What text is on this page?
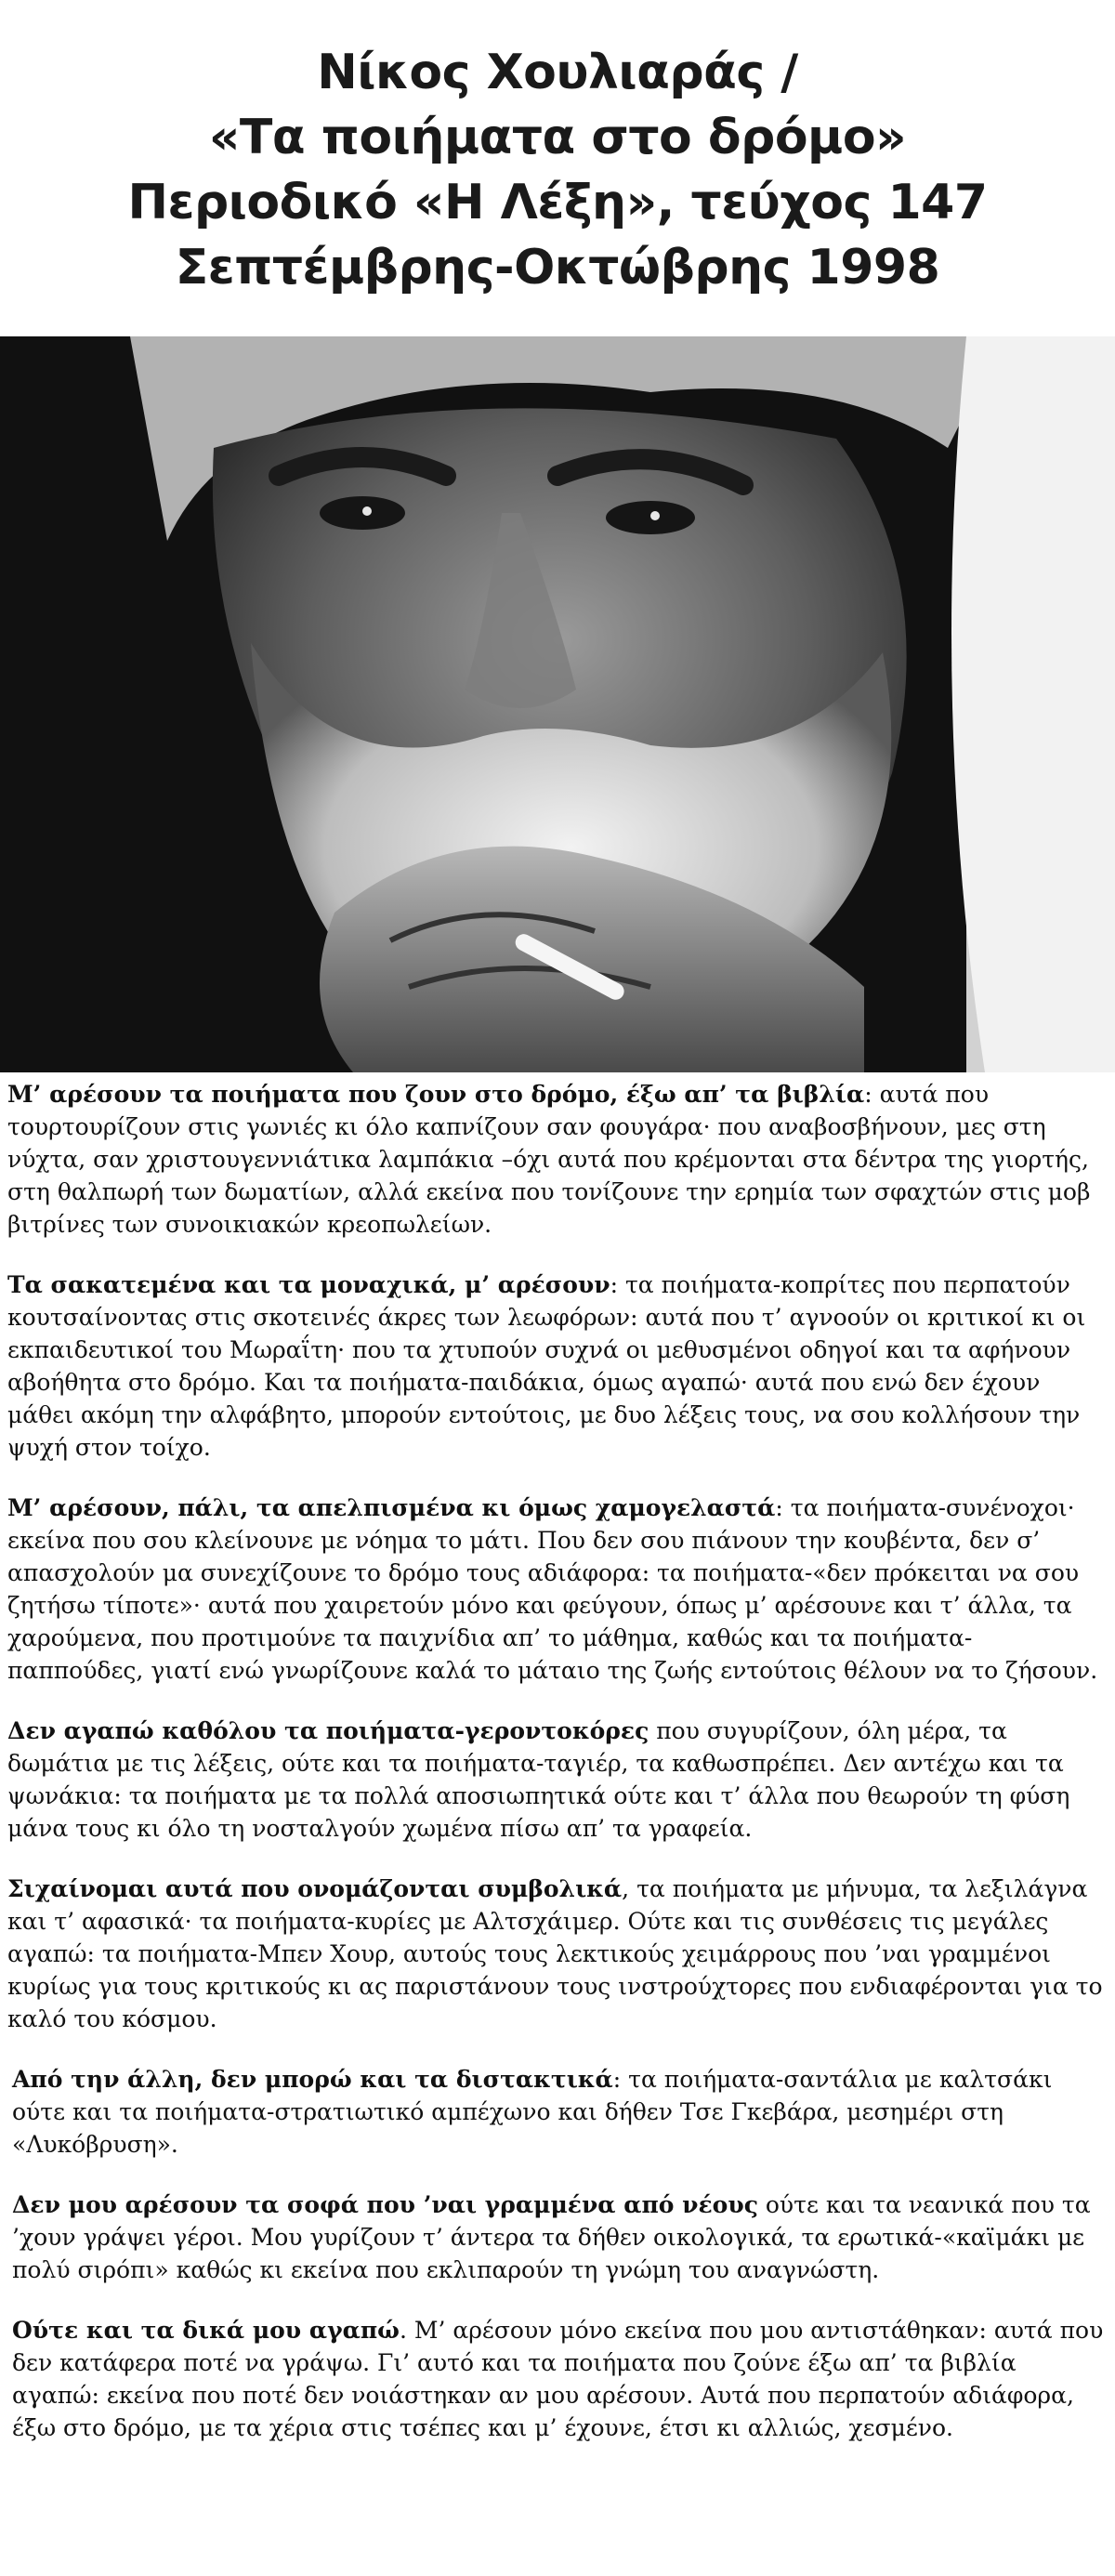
Νίκος Χουλιαράς /
«Τα ποιήματα στο δρόμο»
Περιοδικό «Η Λέξη», τεύχος 147
Σεπτέμβρης-Οκτώβρης 1998

Μ’ αρέσουν τα ποιήματα που ζουν στο δρόμο, έξω απ’ τα βιβλία: αυτά που τουρτουρίζουν στις γωνιές κι όλο καπνίζουν σαν φουγάρα· που αναβοσβήνουν, μες στη νύχτα, σαν χριστουγεννιάτικα λαμπάκια –όχι αυτά που κρέμονται στα δέντρα της γιορτής, στη θαλπωρή των δωματίων, αλλά εκείνα που τονίζουνε την ερημία των σφαχτών στις μοβ βιτρίνες των συνοικιακών κρεοπωλείων.

Τα σακατεμένα και τα μοναχικά, μ’ αρέσουν: τα ποιήματα-κοπρίτες που περπατούν κουτσαίνοντας στις σκοτεινές άκρες των λεωφόρων: αυτά που τ’ αγνοούν οι κριτικοί κι οι εκπαιδευτικοί του Μωραΐτη· που τα χτυπούν συχνά οι μεθυσμένοι οδηγοί και τα αφήνουν αβοήθητα στο δρόμο. Και τα ποιήματα-παιδάκια, όμως αγαπώ· αυτά που ενώ δεν έχουν μάθει ακόμη την αλφάβητο, μπορούν εντούτοις, με δυο λέξεις τους, να σου κολλήσουν την ψυχή στον τοίχο.

Μ’ αρέσουν, πάλι, τα απελπισμένα κι όμως χαμογελαστά: τα ποιήματα-συνένοχοι· εκείνα που σου κλείνουνε με νόημα το μάτι. Που δεν σου πιάνουν την κουβέντα, δεν σ’ απασχολούν μα συνεχίζουνε το δρόμο τους αδιάφορα: τα ποιήματα-«δεν πρόκειται να σου ζητήσω τίποτε»· αυτά που χαιρετούν μόνο και φεύγουν, όπως μ’ αρέσουνε και τ’ άλλα, τα χαρούμενα, που προτιμούνε τα παιχνίδια απ’ το μάθημα, καθώς και τα ποιήματα-παππούδες, γιατί ενώ γνωρίζουνε καλά το μάταιο της ζωής εντούτοις θέλουν να το ζήσουν.

Δεν αγαπώ καθόλου τα ποιήματα-γεροντοκόρες που συγυρίζουν, όλη μέρα, τα δωμάτια με τις λέξεις, ούτε και τα ποιήματα-ταγιέρ, τα καθωσπρέπει. Δεν αντέχω και τα ψωνάκια: τα ποιήματα με τα πολλά αποσιωπητικά ούτε και τ’ άλλα που θεωρούν τη φύση μάνα τους κι όλο τη νοσταλγούν χωμένα πίσω απ’ τα γραφεία.

Σιχαίνομαι αυτά που ονομάζονται συμβολικά, τα ποιήματα με μήνυμα, τα λεξιλάγνα και τ’ αφασικά· τα ποιήματα-κυρίες με Αλτσχάιμερ. Ούτε και τις συνθέσεις τις μεγάλες αγαπώ: τα ποιήματα-Μπεν Χουρ, αυτούς τους λεκτικούς χειμάρρους που ’ναι γραμμένοι κυρίως για τους κριτικούς κι ας παριστάνουν τους ινστρούχτορες που ενδιαφέρονται για το καλό του κόσμου.

Από την άλλη, δεν μπορώ και τα διστακτικά: τα ποιήματα-σαντάλια με καλτσάκι ούτε και τα ποιήματα-στρατιωτικό αμπέχωνο και δήθεν Τσε Γκεβάρα, μεσημέρι στη «Λυκόβρυση».

Δεν μου αρέσουν τα σοφά που ’ναι γραμμένα από νέους ούτε και τα νεανικά που τα ’χουν γράψει γέροι. Μου γυρίζουν τ’ άντερα τα δήθεν οικολογικά, τα ερωτικά-«καϊμάκι με πολύ σιρόπι» καθώς κι εκείνα που εκλιπαρούν τη γνώμη του αναγνώστη.

Ούτε και τα δικά μου αγαπώ. Μ’ αρέσουν μόνο εκείνα που μου αντιστάθηκαν: αυτά που δεν κατάφερα ποτέ να γράψω. Γι’ αυτό και τα ποιήματα που ζούνε έξω απ’ τα βιβλία αγαπώ: εκείνα που ποτέ δεν νοιάστηκαν αν μου αρέσουν. Αυτά που περπατούν αδιάφορα, έξω στο δρόμο, με τα χέρια στις τσέπες και μ’ έχουνε, έτσι κι αλλιώς, χεσμένο.
